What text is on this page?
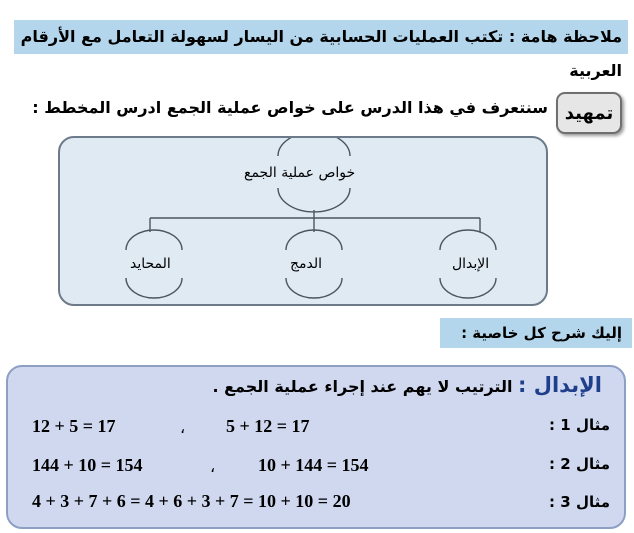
ملاحظة هامة : تكتب العمليات الحسابية من اليسار لسهولة التعامل مع الأرقام العربية
تمهيد
سنتعرف في هذا الدرس على خواص عملية الجمع ادرس المخطط :
خواص عملية الجمع
الإبدال
الدمج
المحايد
إليك شرح كل خاصية :
الإبدال : الترتيب لا يهم عند إجراء عملية الجمع .
مثال 1 :
5 + 12 = 17
،
12 + 5 = 17
مثال 2 :
10 + 144 = 154
،
144 + 10 = 154
مثال 3 :
4 + 3 + 7 + 6 = 4 + 6 + 3 + 7 = 10 + 10 = 20
